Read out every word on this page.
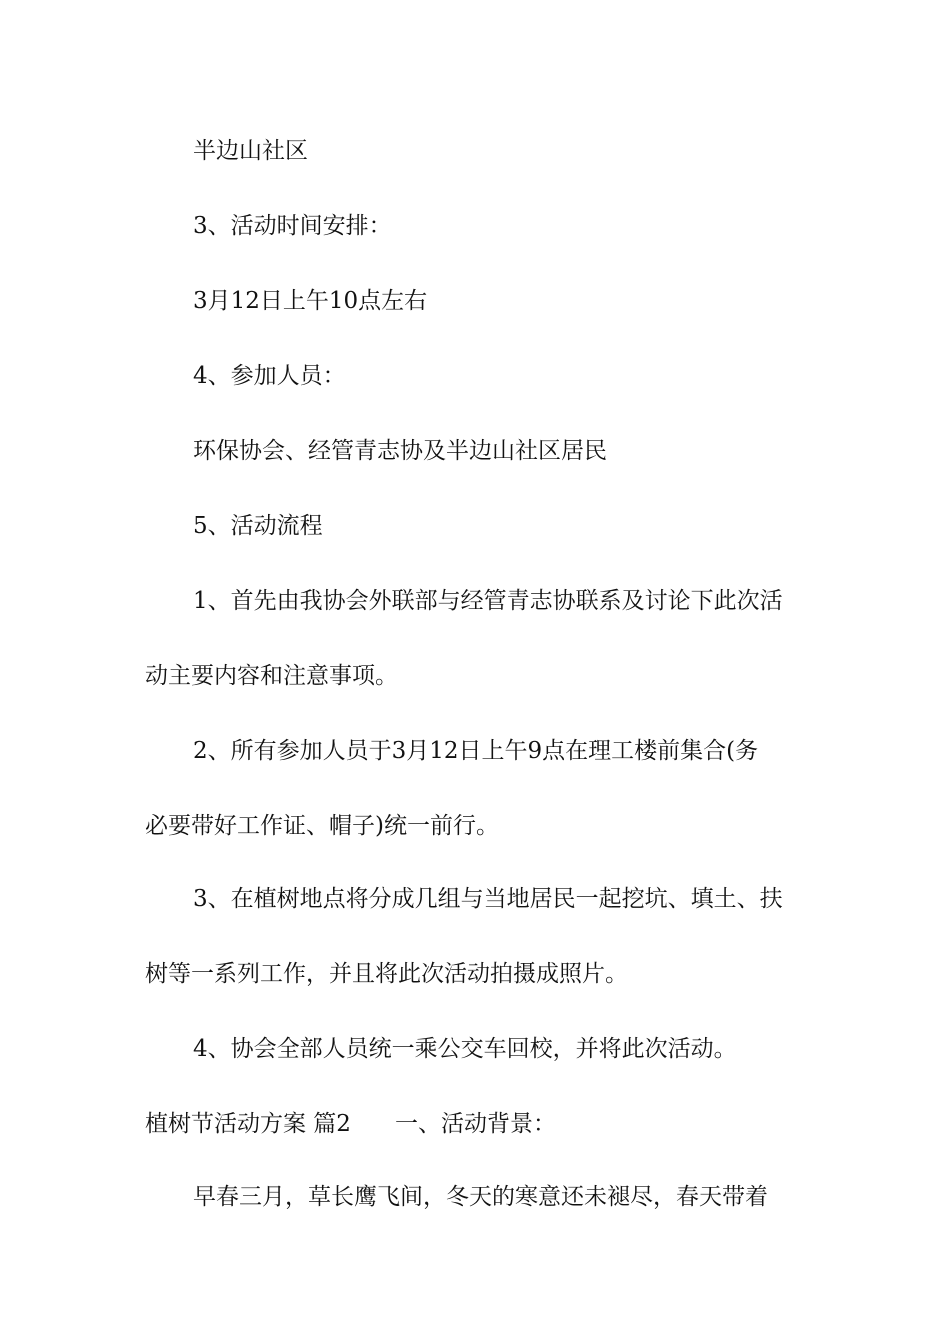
半边山社区
3、活动时间安排：
3月12日上午10点左右
4、参加人员：
环保协会、经管青志协及半边山社区居民
5、活动流程
1、首先由我协会外联部与经管青志协联系及讨论下此次活
动主要内容和注意事项。
2、所有参加人员于3月12日上午9点在理工楼前集合(务
必要带好工作证、帽子)统一前行。
3、在植树地点将分成几组与当地居民一起挖坑、填土、扶
树等一系列工作，并且将此次活动拍摄成照片。
4、协会全部人员统一乘公交车回校，并将此次活动。
植树节活动方案 篇2 一、活动背景：
早春三月，草长鹰飞间，冬天的寒意还未褪尽，春天带着
